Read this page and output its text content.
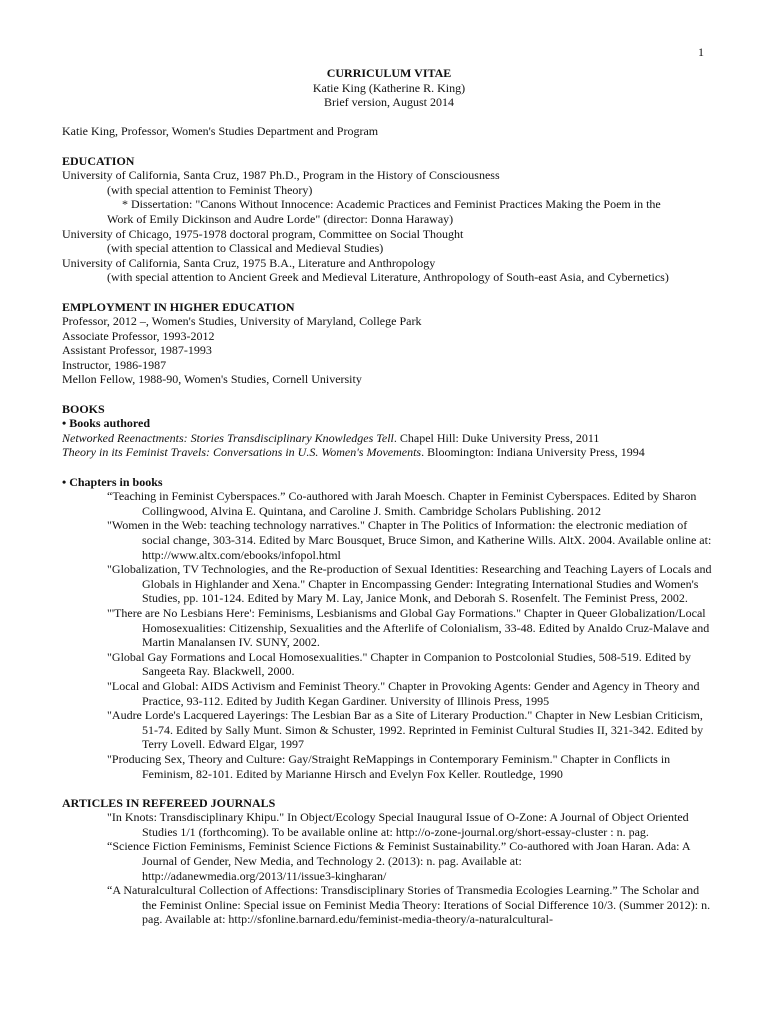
1
CURRICULUM VITAE
Katie King (Katherine R. King)
Brief version, August 2014
Katie King, Professor, Women's Studies Department and Program
EDUCATION
University of California, Santa Cruz, 1987 Ph.D., Program in the History of Consciousness
(with special attention to Feminist Theory)
* Dissertation: "Canons Without Innocence: Academic Practices and Feminist Practices Making the Poem in the
Work of Emily Dickinson and Audre Lorde" (director: Donna Haraway)
University of Chicago, 1975-1978 doctoral program, Committee on Social Thought
(with special attention to Classical and Medieval Studies)
University of California, Santa Cruz, 1975 B.A., Literature and Anthropology
(with special attention to Ancient Greek and Medieval Literature, Anthropology of South-east Asia, and Cybernetics)
EMPLOYMENT IN HIGHER EDUCATION
Professor, 2012 –, Women's Studies, University of Maryland, College Park
Associate Professor, 1993-2012
Assistant Professor, 1987-1993
Instructor, 1986-1987
Mellon Fellow, 1988-90, Women's Studies, Cornell University
BOOKS
• Books authored
Networked Reenactments: Stories Transdisciplinary Knowledges Tell. Chapel Hill: Duke University Press, 2011
Theory in its Feminist Travels: Conversations in U.S. Women's Movements. Bloomington: Indiana University Press, 1994
• Chapters in books
“Teaching in Feminist Cyberspaces.” Co-authored with Jarah Moesch. Chapter in Feminist Cyberspaces. Edited by Sharon Collingwood, Alvina E. Quintana, and Caroline J. Smith. Cambridge Scholars Publishing. 2012
"Women in the Web: teaching technology narratives." Chapter in The Politics of Information: the electronic mediation of social change, 303-314. Edited by Marc Bousquet, Bruce Simon, and Katherine Wills. AltX. 2004. Available online at: http://www.altx.com/ebooks/infopol.html
"Globalization, TV Technologies, and the Re-production of Sexual Identities: Researching and Teaching Layers of Locals and Globals in Highlander and Xena." Chapter in Encompassing Gender: Integrating International Studies and Women's Studies, pp. 101-124. Edited by Mary M. Lay, Janice Monk, and Deborah S. Rosenfelt. The Feminist Press, 2002.
"'There are No Lesbians Here': Feminisms, Lesbianisms and Global Gay Formations." Chapter in Queer Globalization/Local Homosexualities: Citizenship, Sexualities and the Afterlife of Colonialism, 33-48. Edited by Analdo Cruz-Malave and Martin Manalansen IV. SUNY, 2002.
"Global Gay Formations and Local Homosexualities." Chapter in Companion to Postcolonial Studies, 508-519. Edited by Sangeeta Ray. Blackwell, 2000.
"Local and Global: AIDS Activism and Feminist Theory." Chapter in Provoking Agents: Gender and Agency in Theory and Practice, 93-112. Edited by Judith Kegan Gardiner. University of Illinois Press, 1995
"Audre Lorde's Lacquered Layerings: The Lesbian Bar as a Site of Literary Production." Chapter in New Lesbian Criticism, 51-74. Edited by Sally Munt. Simon & Schuster, 1992. Reprinted in Feminist Cultural Studies II, 321-342. Edited by Terry Lovell. Edward Elgar, 1997
"Producing Sex, Theory and Culture: Gay/Straight ReMappings in Contemporary Feminism." Chapter in Conflicts in Feminism, 82-101. Edited by Marianne Hirsch and Evelyn Fox Keller. Routledge, 1990
ARTICLES IN REFEREED JOURNALS
"In Knots: Transdisciplinary Khipu." In Object/Ecology Special Inaugural Issue of O-Zone: A Journal of Object Oriented Studies 1/1 (forthcoming). To be available online at: http://o-zone-journal.org/short-essay-cluster : n. pag.
“Science Fiction Feminisms, Feminist Science Fictions & Feminist Sustainability.” Co-authored with Joan Haran. Ada: A Journal of Gender, New Media, and Technology 2. (2013): n. pag. Available at: http://adanewmedia.org/2013/11/issue3-kingharan/
“A Naturalcultural Collection of Affections: Transdisciplinary Stories of Transmedia Ecologies Learning.” The Scholar and the Feminist Online: Special issue on Feminist Media Theory: Iterations of Social Difference 10/3. (Summer 2012): n. pag. Available at: http://sfonline.barnard.edu/feminist-media-theory/a-naturalcultural-
